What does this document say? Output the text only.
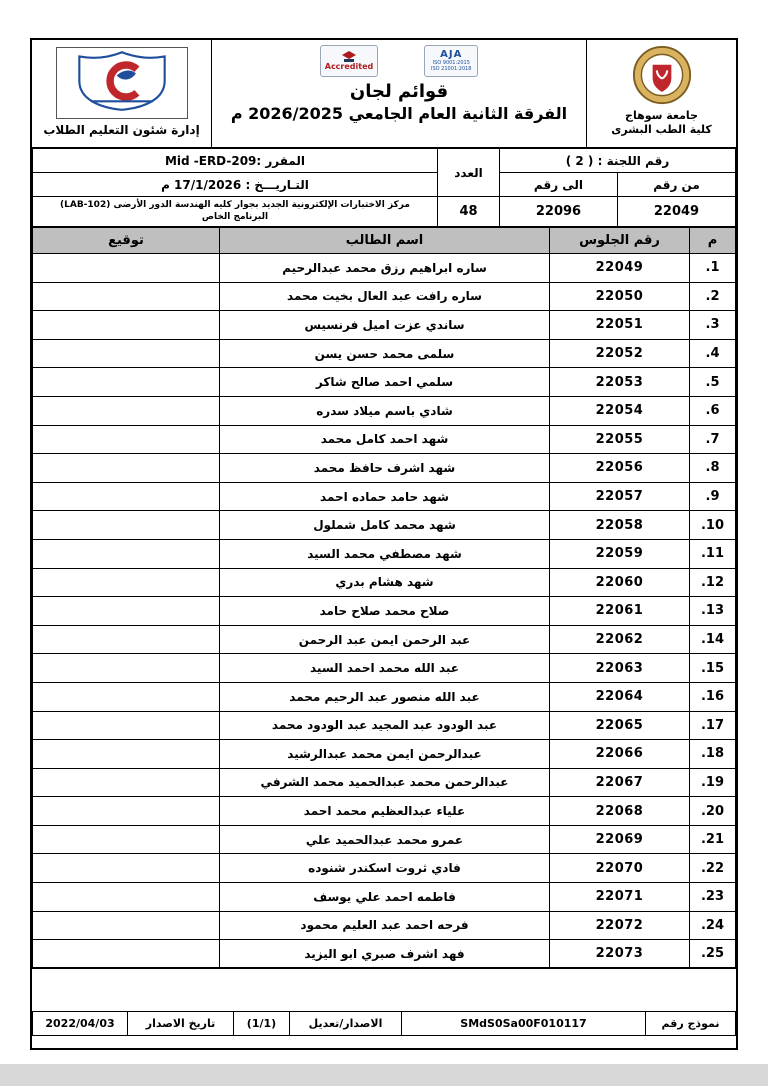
جامعة سوهاج
كلية الطب البشرى
Accredited
AJA
ISO 9001:2015
ISO 21001:2018
قوائم لجان
الفرقة الثانية العام الجامعي 2026/2025 م
إدارة شئون التعليم الطلاب
رقم اللجنة : ( 2 )		العدد	المقرر :Mid -ERD-209
من رقم	الى رقم		التـاريـــخ : 17/1/2026 م
22049	22096	48	مركز الاختبارات الإلكترونية الجديد بجوار كليه الهندسة الدور الأرضى (LAB-102)
البرنامج الخاص
م	رقم الجلوس	اسم الطالب	توقيع
1.	22049	ساره ابراهيم رزق محمد عبدالرحيم	
2.	22050	ساره رافت عبد العال بخيت محمد	
3.	22051	ساندي عزت اميل فرنسيس	
4.	22052	سلمى محمد حسن يسن	
5.	22053	سلمي احمد صالح شاكر	
6.	22054	شادي باسم ميلاد سدره	
7.	22055	شهد احمد كامل محمد	
8.	22056	شهد اشرف حافظ محمد	
9.	22057	شهد حامد حماده احمد	
10.	22058	شهد محمد كامل شملول	
11.	22059	شهد مصطفي محمد السيد	
12.	22060	شهد هشام بدري	
13.	22061	صلاح محمد صلاح حامد	
14.	22062	عبد الرحمن ايمن عبد الرحمن	
15.	22063	عبد الله محمد احمد السيد	
16.	22064	عبد الله منصور عبد الرحيم محمد	
17.	22065	عبد الودود عبد المجيد عبد الودود محمد	
18.	22066	عبدالرحمن ايمن محمد عبدالرشيد	
19.	22067	عبدالرحمن محمد عبدالحميد محمد الشرفي	
20.	22068	علياء عبدالعظيم محمد احمد	
21.	22069	عمرو محمد عبدالحميد علي	
22.	22070	فادي ثروت اسكندر شنوده	
23.	22071	فاطمه احمد علي يوسف	
24.	22072	فرحه احمد عبد العليم محمود	
25.	22073	فهد اشرف صبري ابو اليزيد	
نموذج رقم	SMdS0Sa00F010117	الاصدار/تعديل	(1/1)	تاريخ الاصدار	2022/04/03
